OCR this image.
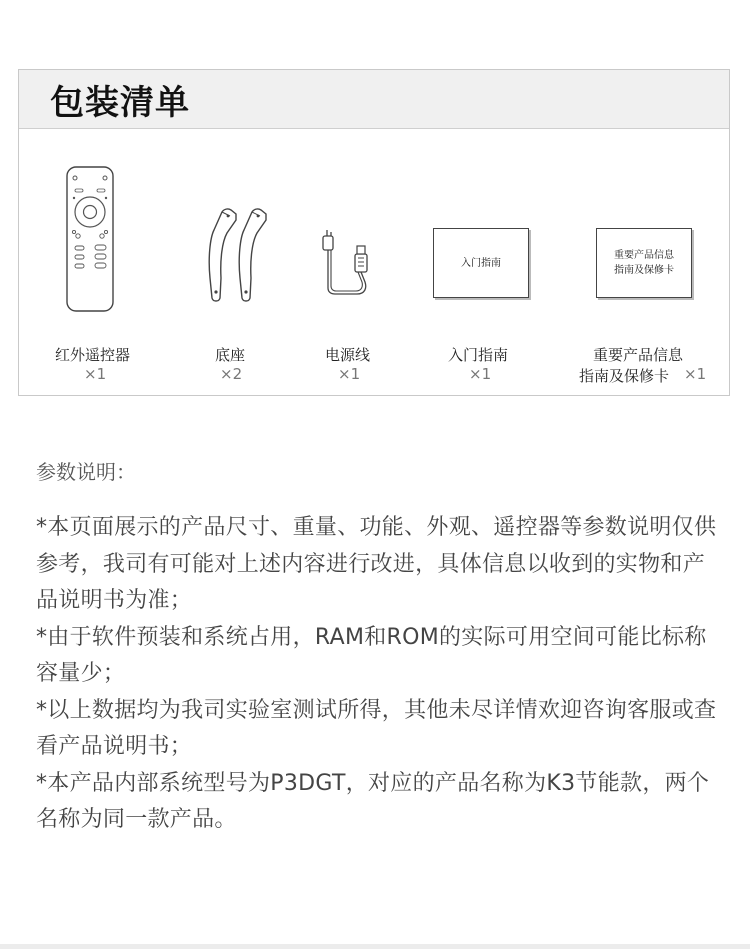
包装清单
红外遥控器
×1
底座
×2
电源线
×1
入门指南
入门指南
×1
重要产品信息
指南及保修卡
重要产品信息
指南及保修卡 ×1
参数说明：

*本页面展示的产品尺寸、重量、功能、外观、遥控器等参数说明仅供参考，我司有可能对上述内容进行改进，具体信息以收到的实物和产品说明书为准；

*由于软件预装和系统占用，RAM和ROM的实际可用空间可能比标称容量少；

*以上数据均为我司实验室测试所得，其他未尽详情欢迎咨询客服或查看产品说明书；

*本产品内部系统型号为P3DGT，对应的产品名称为K3节能款，两个名称为同一款产品。
